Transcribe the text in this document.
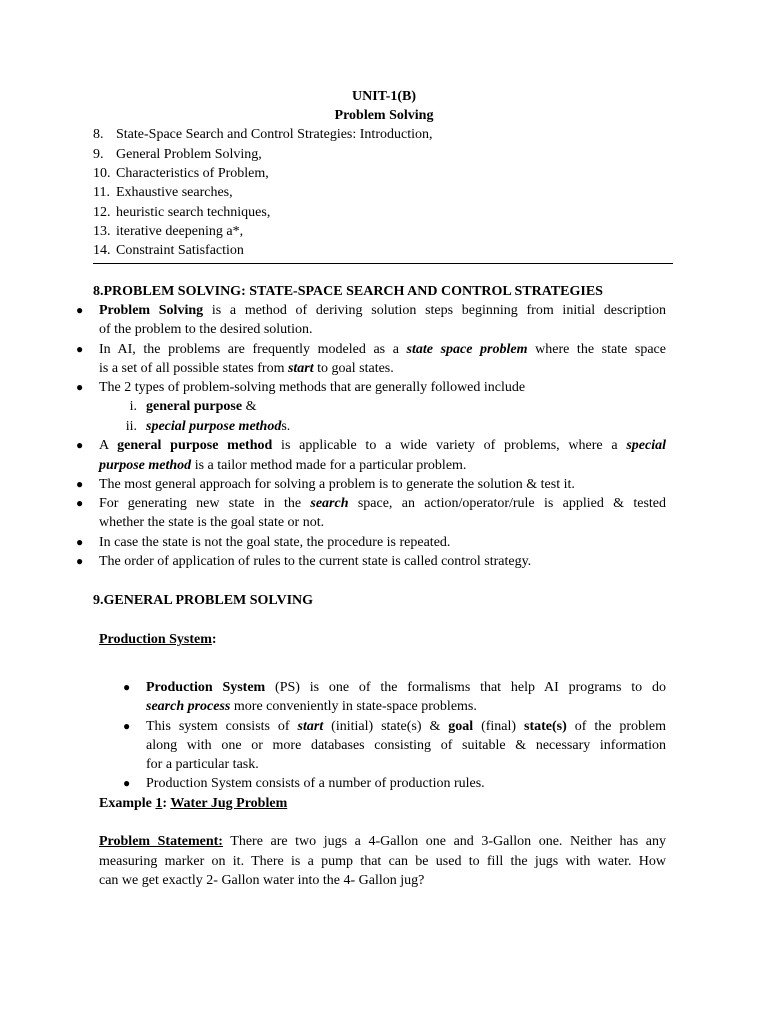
UNIT-1(B)
Problem Solving
8. State-Space Search and Control Strategies: Introduction,
9. General Problem Solving,
10. Characteristics of Problem,
11. Exhaustive searches,
12. heuristic search techniques,
13. iterative deepening a*,
14. Constraint Satisfaction
8.PROBLEM SOLVING: STATE-SPACE SEARCH AND CONTROL STRATEGIES
● Problem Solving is a method of deriving solution steps beginning from initial description
of the problem to the desired solution.
● In AI, the problems are frequently modeled as a state space problem where the state space
is a set of all possible states from start to goal states.
● The 2 types of problem-solving methods that are generally followed include
i. general purpose &
ii. special purpose methods.
● A general purpose method is applicable to a wide variety of problems, where a special
purpose method is a tailor method made for a particular problem.
● The most general approach for solving a problem is to generate the solution & test it.
● For generating new state in the search space, an action/operator/rule is applied & tested
whether the state is the goal state or not.
● In case the state is not the goal state, the procedure is repeated.
● The order of application of rules to the current state is called control strategy.
9.GENERAL PROBLEM SOLVING
Production System:
● Production System (PS) is one of the formalisms that help AI programs to do
search process more conveniently in state-space problems.
● This system consists of start (initial) state(s) & goal (final) state(s) of the problem
along with one or more databases consisting of suitable & necessary information
for a particular task.
● Production System consists of a number of production rules.
Example 1: Water Jug Problem
Problem Statement: There are two jugs a 4-Gallon one and 3-Gallon one. Neither has any
measuring marker on it. There is a pump that can be used to fill the jugs with water. How
can we get exactly 2- Gallon water into the 4- Gallon jug?
